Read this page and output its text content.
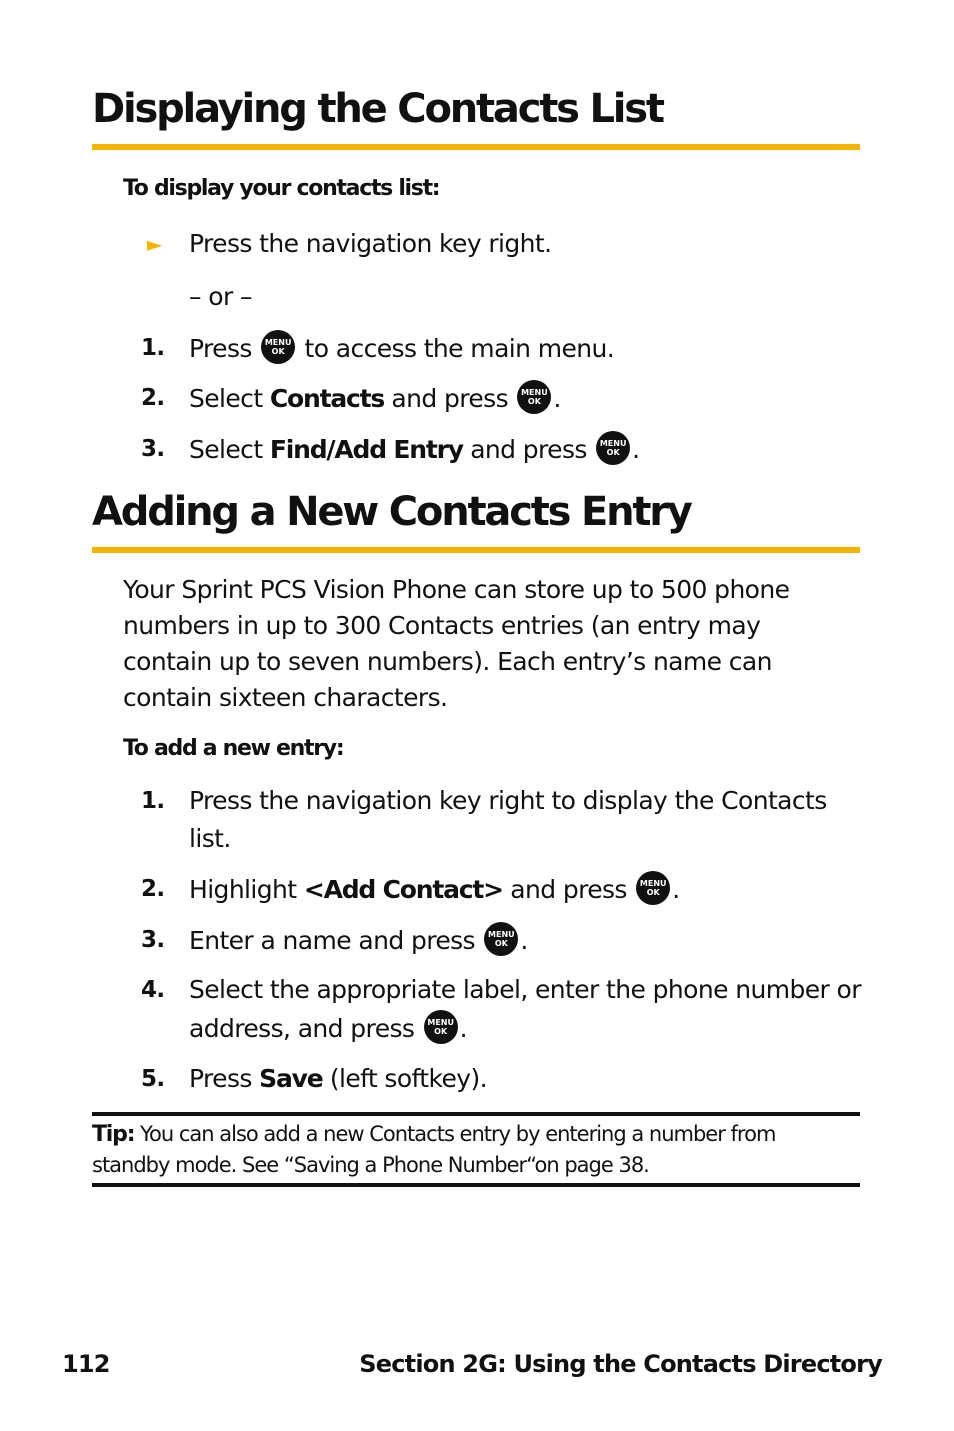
Displaying the Contacts List
To display your contacts list:
► Press the navigation key right.
– or –
1. Press MENU
OK to access the main menu.
2. Select Contacts and press MENU
OK .
3. Select Find/Add Entry and press MENU
OK .
Adding a New Contacts Entry
Your Sprint PCS Vision Phone can store up to 500 phone numbers in up to 300 Contacts entries (an entry may contain up to seven numbers). Each entry’s name can contain sixteen characters.
To add a new entry:
1. Press the navigation key right to display the Contacts
list.
2. Highlight <Add Contact> and press MENU
OK .
3. Enter a name and press MENU
OK .
4. Select the appropriate label, enter the phone number or
address, and press MENU
OK .
5. Press Save (left softkey).
Tip: You can also add a new Contacts entry by entering a number from
standby mode. See “Saving a Phone Number“on page 38.
112	Section 2G: Using the Contacts Directory
